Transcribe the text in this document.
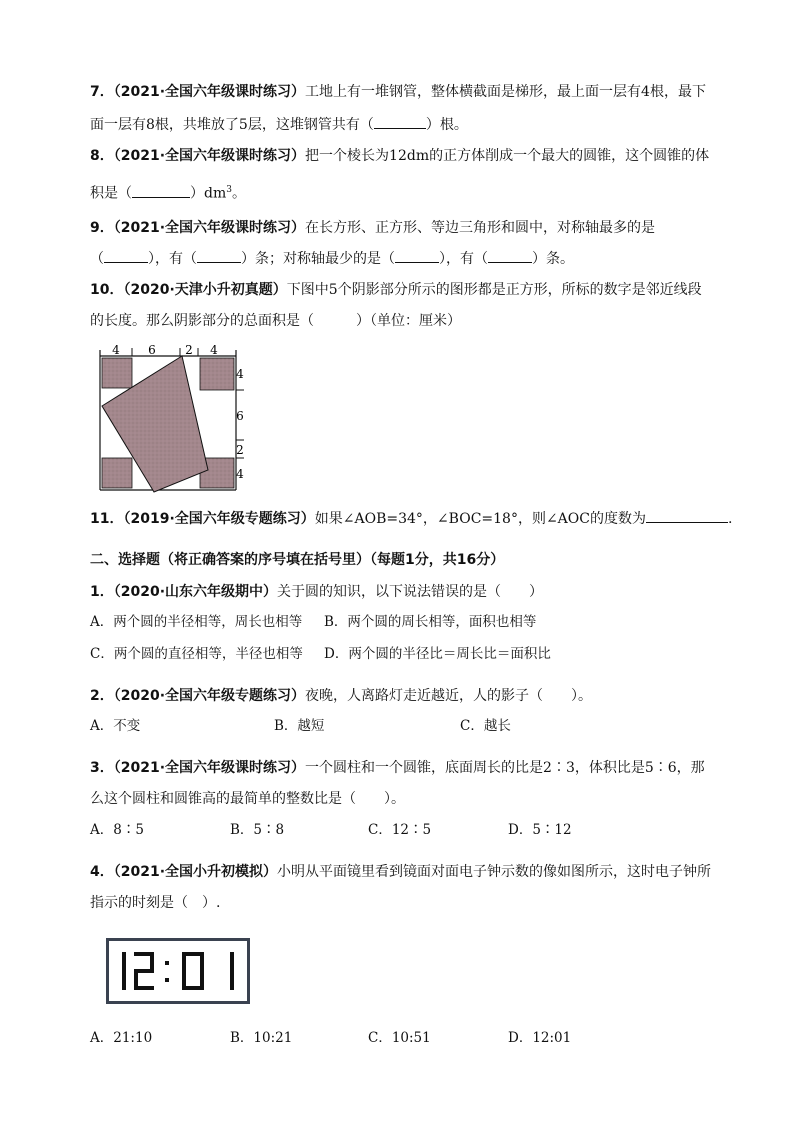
7．（2021·全国六年级课时练习）工地上有一堆钢管，整体横截面是梯形，最上面一层有4根，最下
面一层有8根，共堆放了5层，这堆钢管共有（	）根。
8．（2021·全国六年级课时练习）把一个棱长为12dm的正方体削成一个最大的圆锥，这个圆锥的体
积是（	）$dm^3$。
9．（2021·全国六年级课时练习）在长方形、正方形、等边三角形和圆中，对称轴最多的是
（	），有（	）条；对称轴最少的是（	），有（	）条。
10．（2020·天津小升初真题）下图中5个阴影部分所示的图形都是正方形，所标的数字是邻近线段
的长度。那么阴影部分的总面积是（　　　）（单位：厘米）
4 6 2 4
4
6
2
4
11．（2019·全国六年级专题练习）如果∠AOB=34°，∠BOC=18°，则∠AOC的度数为	.
二、选择题（将正确答案的序号填在括号里）（每题1分，共16分）
1．（2020·山东六年级期中）关于圆的知识，以下说法错误的是（　　）
A．两个圆的半径相等，周长也相等 B．两个圆的周长相等，面积也相等
C．两个圆的直径相等，半径也相等 D．两个圆的半径比＝周长比＝面积比
2．（2020·全国六年级专题练习）夜晚，人离路灯走近越近，人的影子（　　）。
A．不变	B．越短	C．越长
3．（2021·全国六年级课时练习）一个圆柱和一个圆锥，底面周长的比是2∶3，体积比是5∶6，那
么这个圆柱和圆锥高的最简单的整数比是（　　）。
A．8∶5	B．5∶8	C．12∶5	D．5∶12
4．（2021·全国小升初模拟）小明从平面镜里看到镜面对面电子钟示数的像如图所示，这时电子钟所
指示的时刻是（　）.
12:01
A．21:10	B．10:21	C．10:51	D．12:01
